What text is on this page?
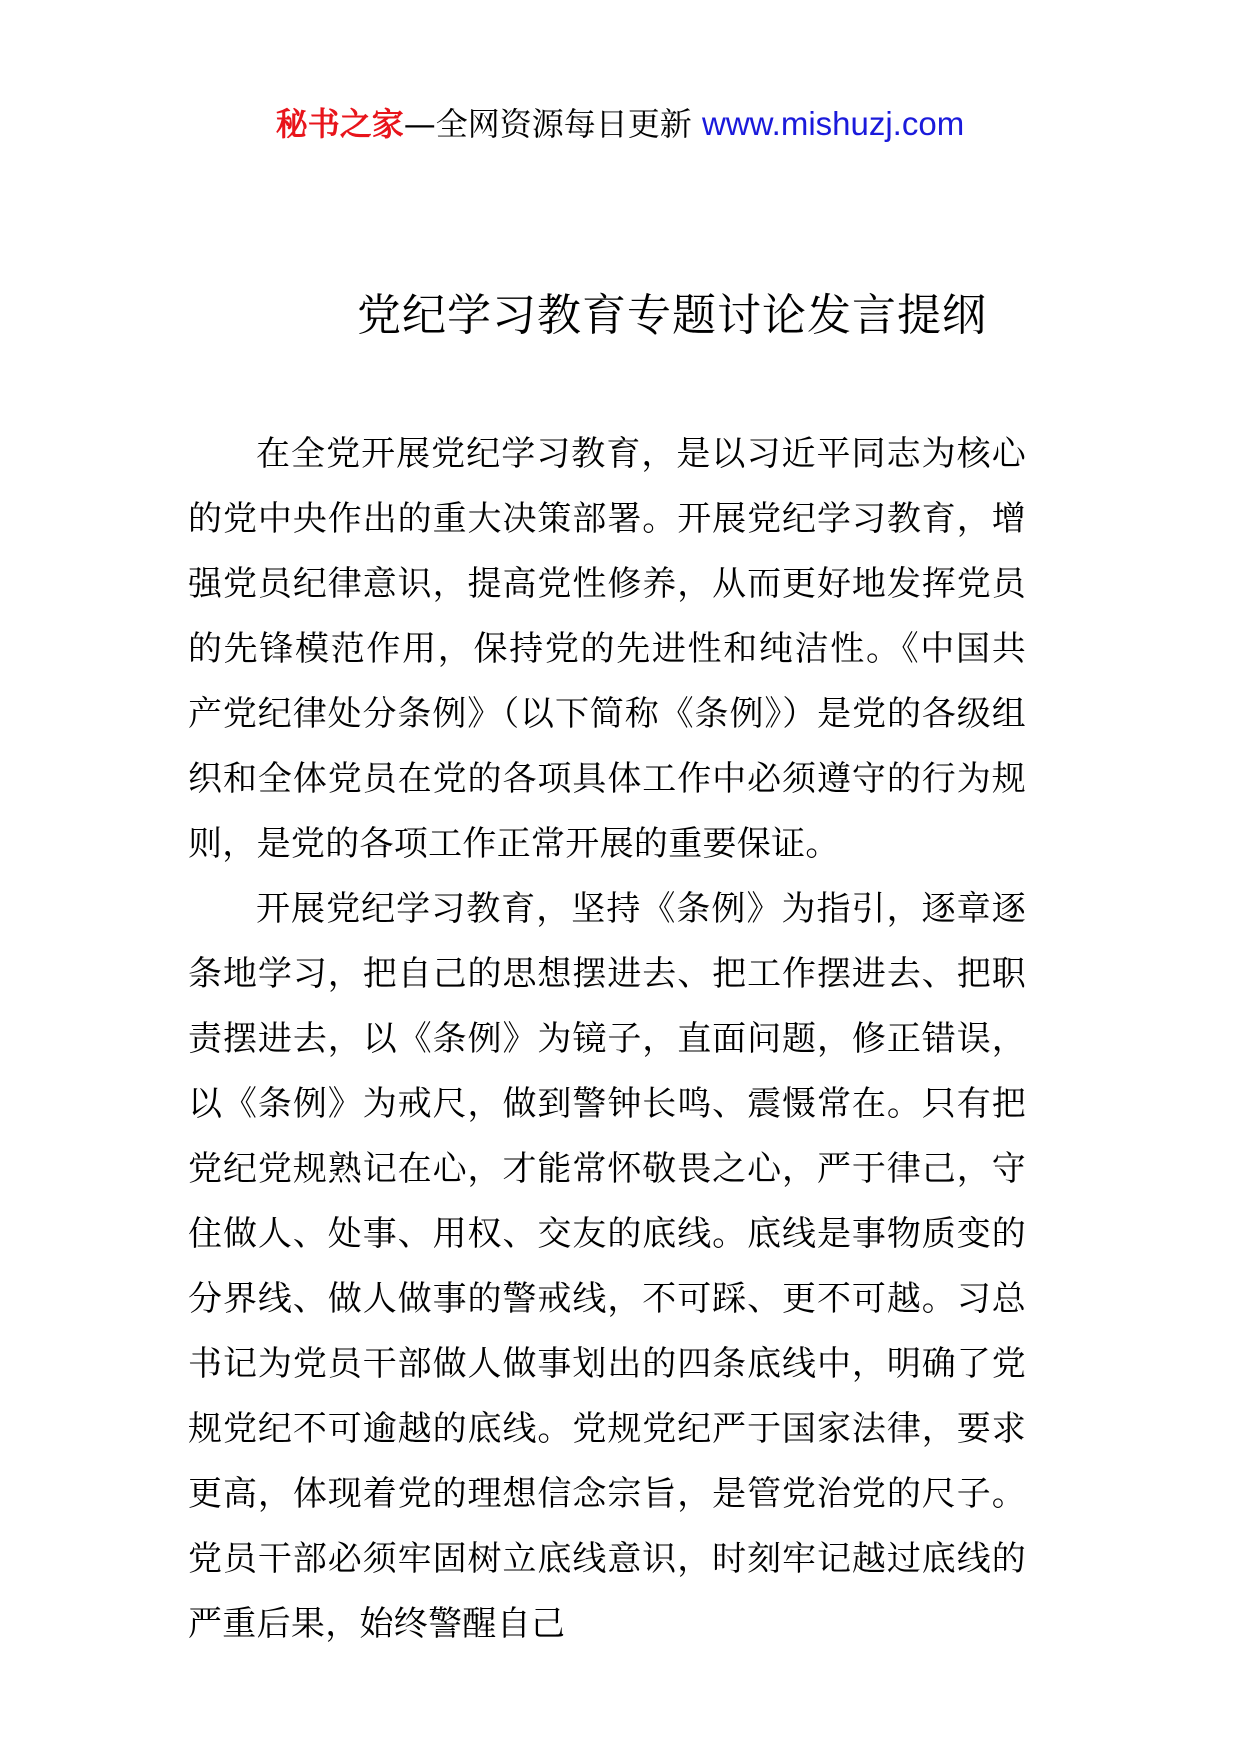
秘书之家—全网资源每日更新 www.mishuzj.com
党纪学习教育专题讨论发言提纲

在全党开展党纪学习教育，是以习近平同志为核心的党中央作出的重大决策部署。开展党纪学习教育，增强党员纪律意识，提高党性修养，从而更好地发挥党员的先锋模范作用，保持党的先进性和纯洁性。《中国共产党纪律处分条例》（以下简称《条例》）是党的各级组织和全体党员在党的各项具体工作中必须遵守的行为规则，是党的各项工作正常开展的重要保证。

开展党纪学习教育，坚持《条例》为指引，逐章逐条地学习，把自己的思想摆进去、把工作摆进去、把职责摆进去，以《条例》为镜子，直面问题，修正错误，以《条例》为戒尺，做到警钟长鸣、震慑常在。只有把党纪党规熟记在心，才能常怀敬畏之心，严于律己，守住做人、处事、用权、交友的底线。底线是事物质变的分界线、做人做事的警戒线，不可踩、更不可越。习总书记为党员干部做人做事划出的四条底线中，明确了党规党纪不可逾越的底线。党规党纪严于国家法律，要求更高，体现着党的理想信念宗旨，是管党治党的尺子。党员干部必须牢固树立底线意识，时刻牢记越过底线的严重后果，始终警醒自己
